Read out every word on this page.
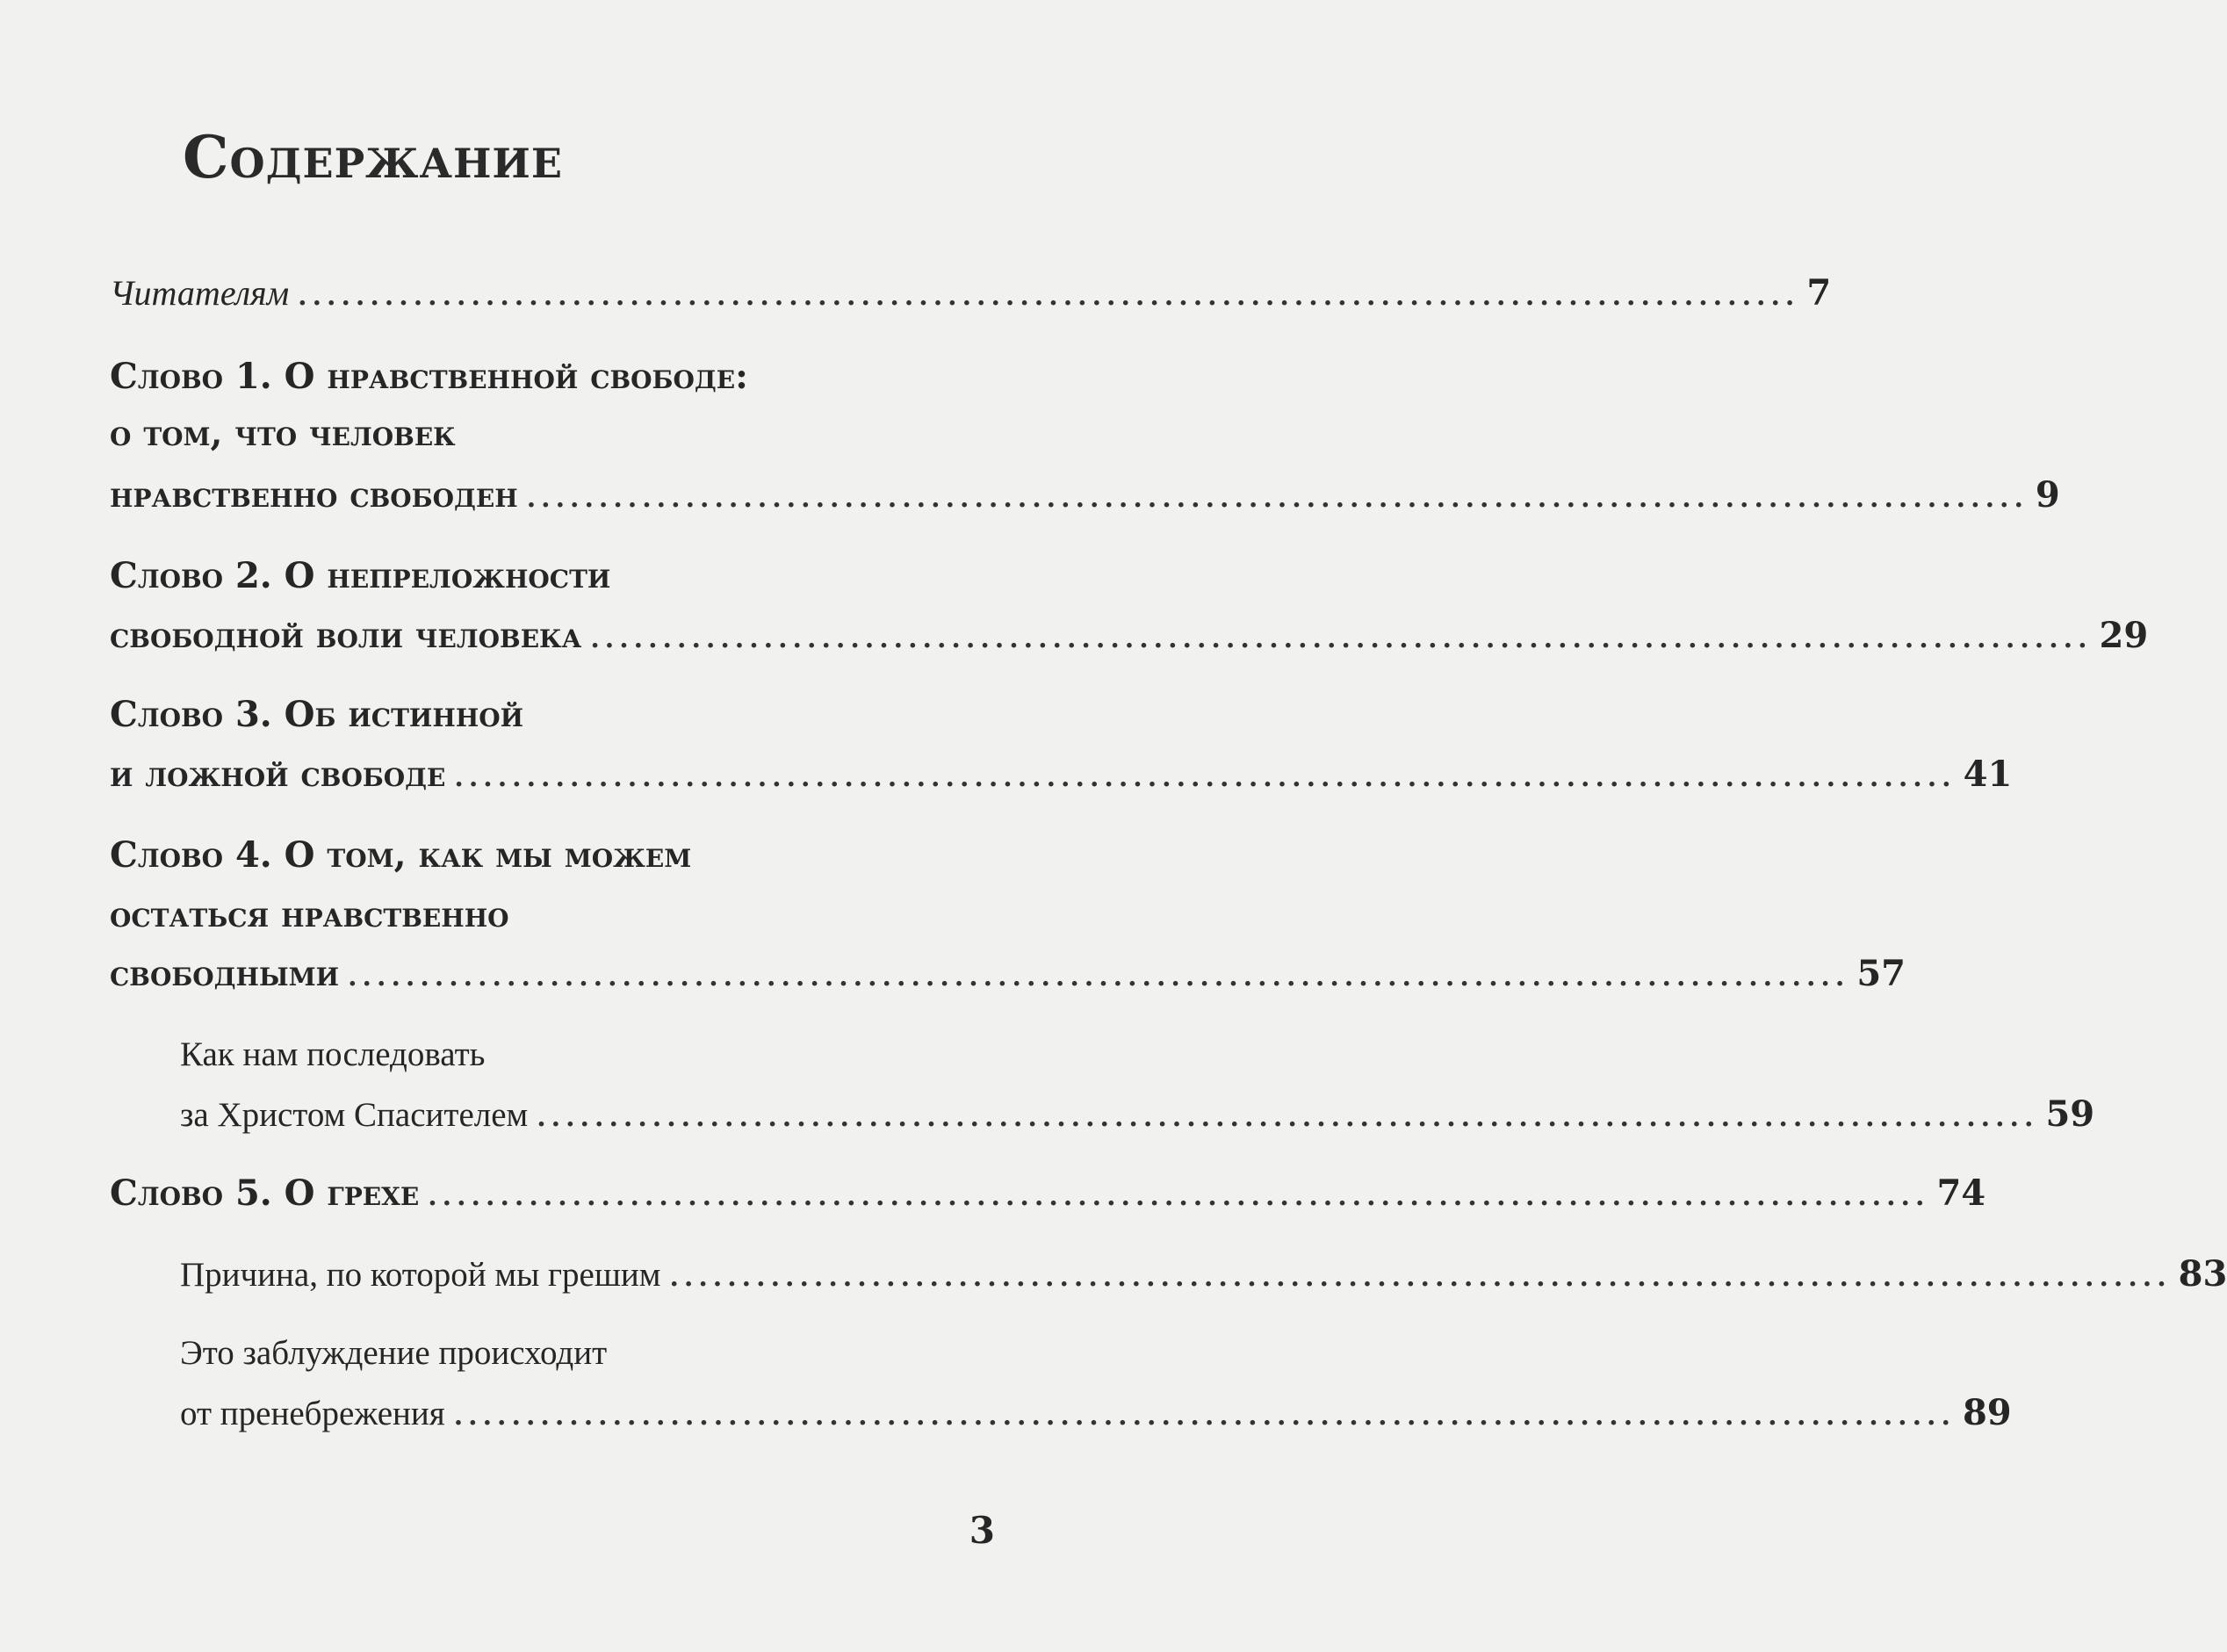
Содержание
Читателям ........................................................................................................ 7
Слово 1. О нравственной свободе:
о том, что человек
нравственно свободен ........................................................................................................ 9
Слово 2. О непреложности
свободной воли человека ........................................................................................................ 29
Слово 3. Об истинной
и ложной свободе ........................................................................................................ 41
Слово 4. О том, как мы можем
остаться нравственно
свободными ........................................................................................................ 57
Как нам последовать
за Христом Спасителем ........................................................................................................ 59
Слово 5. О грехе ........................................................................................................ 74
Причина, по которой мы грешим ........................................................................................................ 83
Это заблуждение происходит
от пренебрежения ........................................................................................................ 89
3
